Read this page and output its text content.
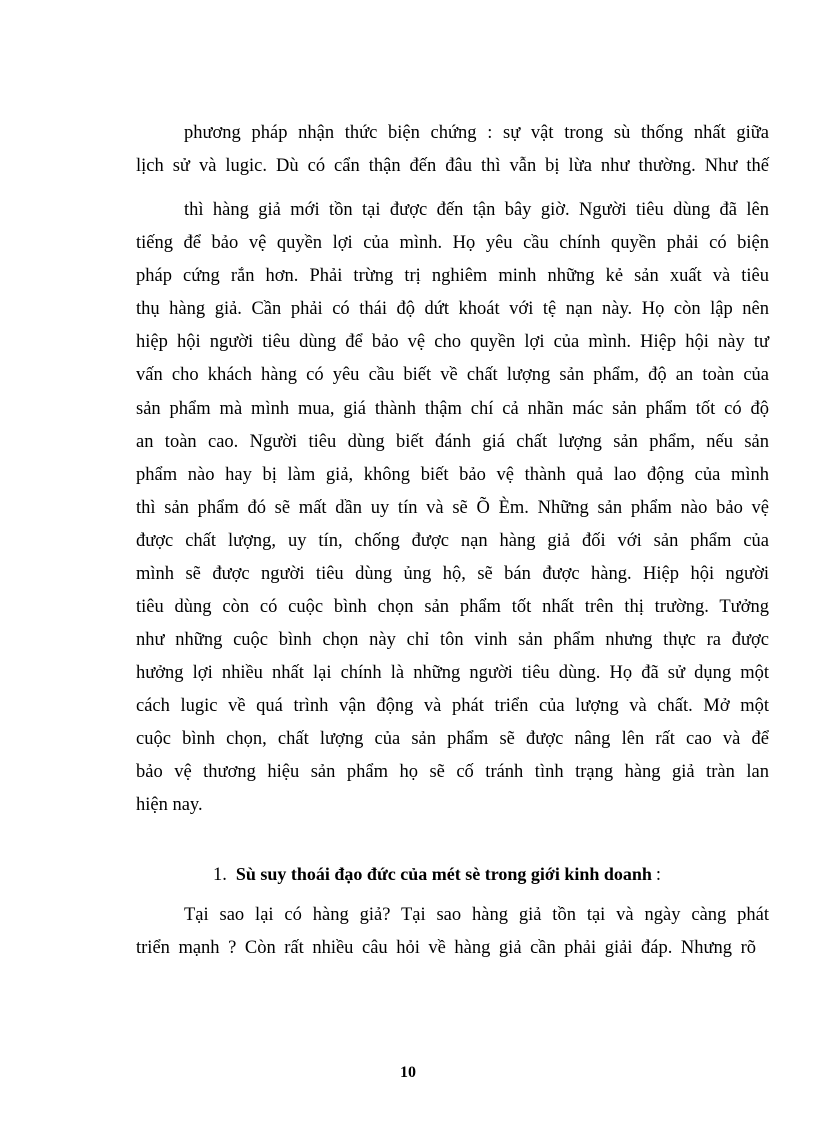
phương pháp nhận thức biện chứng : sự vật trong sù thống nhất giữa
lịch sử và lugic. Dù có cẩn thận đến đâu thì vẫn bị lừa như thường. Như thế
thì hàng giả mới tồn tại được đến tận bây giờ. Người tiêu dùng đã lên
tiếng để bảo vệ quyền lợi của mình. Họ yêu cầu chính quyền phải có biện
pháp cứng rắn hơn. Phải trừng trị nghiêm minh những kẻ sản xuất và tiêu
thụ hàng giả. Cần phải có thái độ dứt khoát với tệ nạn này. Họ còn lập nên
hiệp hội người tiêu dùng để bảo vệ cho quyền lợi của mình. Hiệp hội này tư
vấn cho khách hàng có yêu cầu biết về chất lượng sản phẩm, độ an toàn của
sản phẩm mà mình mua, giá thành thậm chí cả nhãn mác sản phẩm tốt có độ
an toàn cao. Người tiêu dùng biết đánh giá chất lượng sản phẩm, nếu sản
phẩm nào hay bị làm giả, không biết bảo vệ thành quả lao động của mình
thì sản phẩm đó sẽ mất dần uy tín và sẽ Õ Èm. Những sản phẩm nào bảo vệ
được chất lượng, uy tín, chống được nạn hàng giả đối với sản phẩm của
mình sẽ được người tiêu dùng ủng hộ, sẽ bán được hàng. Hiệp hội người
tiêu dùng còn có cuộc bình chọn sản phẩm tốt nhất trên thị trường. Tưởng
như những cuộc bình chọn này chỉ tôn vinh sản phẩm nhưng thực ra được
hưởng lợi nhiều nhất lại chính là những người tiêu dùng. Họ đã sử dụng một
cách lugic về quá trình vận động và phát triển của lượng và chất. Mở một
cuộc bình chọn, chất lượng của sản phẩm sẽ được nâng lên rất cao và để
bảo vệ thương hiệu sản phẩm họ sẽ cố tránh tình trạng hàng giả tràn lan
hiện nay.
1. Sù suy thoái đạo đức của mét sè trong giới kinh doanh :
Tại sao lại có hàng giả? Tại sao hàng giả tồn tại và ngày càng phát
triển mạnh ? Còn rất nhiều câu hỏi về hàng giả cần phải giải đáp. Nhưng rõ
10
